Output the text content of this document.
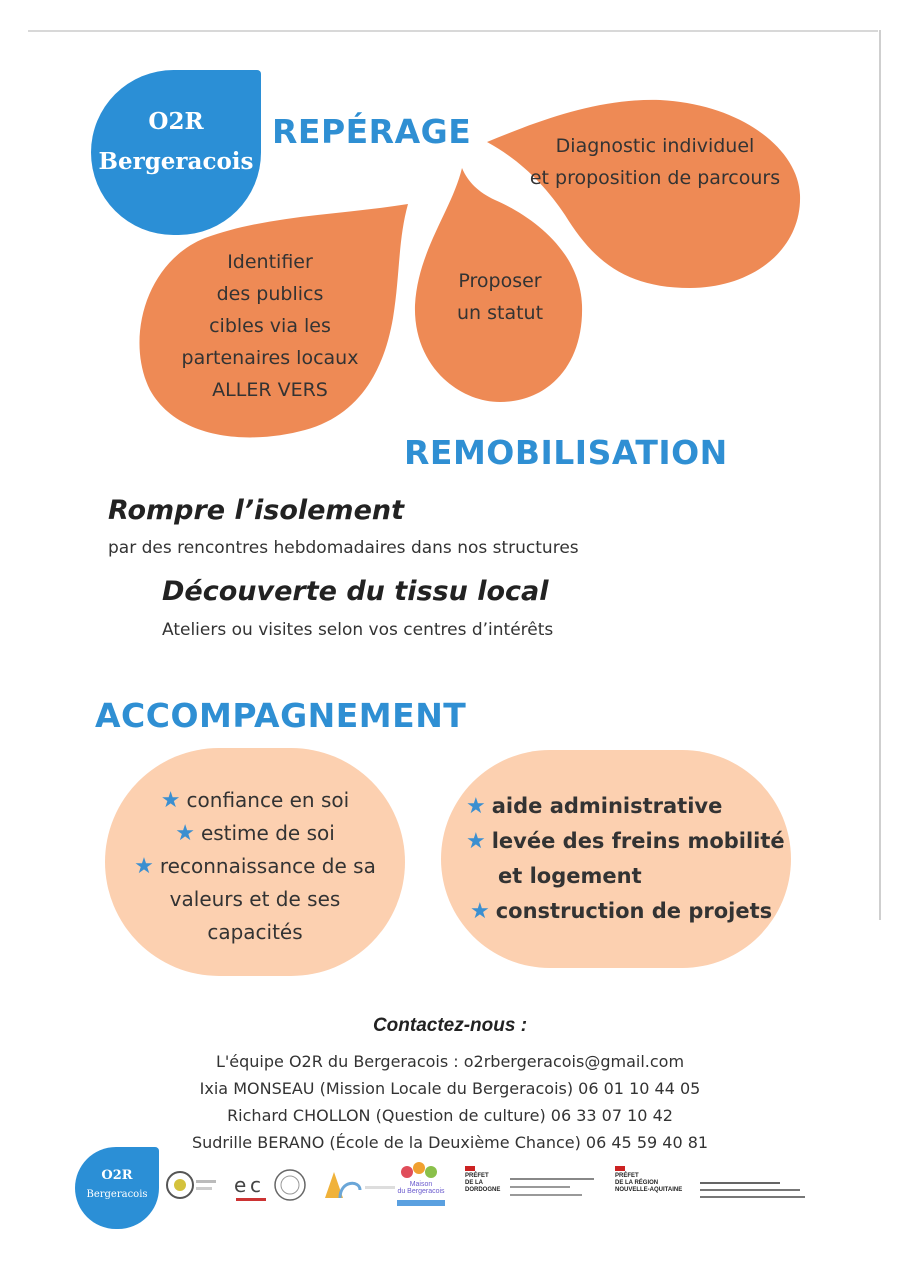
O2R
Bergeracois
REPÉRAGE
Identifier
des publics
cibles via les
partenaires locaux
ALLER VERS
Proposer
un statut
Diagnostic individuel
et proposition de parcours
REMOBILISATION
Rompre l’isolement
par des rencontres hebdomadaires dans nos structures
Découverte du tissu local
Ateliers ou visites selon vos centres d’intérêts
ACCOMPAGNEMENT
★ confiance en soi
★ estime de soi
★ reconnaissance de sa
valeurs et de ses
capacités
★ aide administrative
★ levée des freins mobilité
et logement
★ construction de projets
Contactez-nous :
L'équipe O2R du Bergeracois : o2rbergeracois@gmail.com
Ixia MONSEAU (Mission Locale du Bergeracois) 06 01 10 44 05
Richard CHOLLON (Question de culture) 06 33 07 10 42
Sudrille BERANO (École de la Deuxième Chance) 06 45 59 40 81
O2R
Bergeracois	e c	Maison
du Bergeracois
PRÉFET
DE LA
DORDOGNE
PRÉFET
DE LA RÉGION
NOUVELLE-AQUITAINE
